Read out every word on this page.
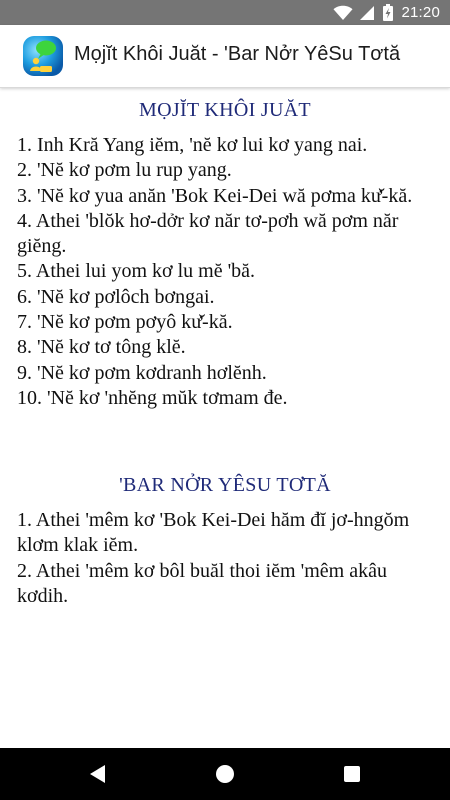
21:20
Mọjĭt Khôi Juăt - 'Bar Nởr YêSu Tơtă
MỌJĬT KHÔI JUĂT
1. Inh Kră Yang iĕm, 'nĕ kơ lui kơ yang nai.
2. 'Nĕ kơ pơm lu rup yang.
3. 'Nĕ kơ yua anăn 'Bok Kei-Dei wă pơma kư̆-kă.
4. Athei 'blŏk hơ-dởr kơ năr tơ-pơh wă pơm năr giĕng.
5. Athei lui yom kơ lu mĕ 'bă.
6. 'Nĕ kơ pơlôch bơngai.
7. 'Nĕ kơ pơm pơyô kư̆-kă.
8. 'Nĕ kơ tơ tông klĕ.
9. 'Nĕ kơ pơm kơdranh hơlĕnh.
10. 'Nĕ kơ 'nhĕng mŭk tơmam đe.
'BAR NỞR YÊSU TƠTĂ
1. Athei 'mêm kơ 'Bok Kei-Dei hăm đĭ jơ-hngŏm klơm klak iĕm.
2. Athei 'mêm kơ bôl buăl thoi iĕm 'mêm akâu kơdih.
